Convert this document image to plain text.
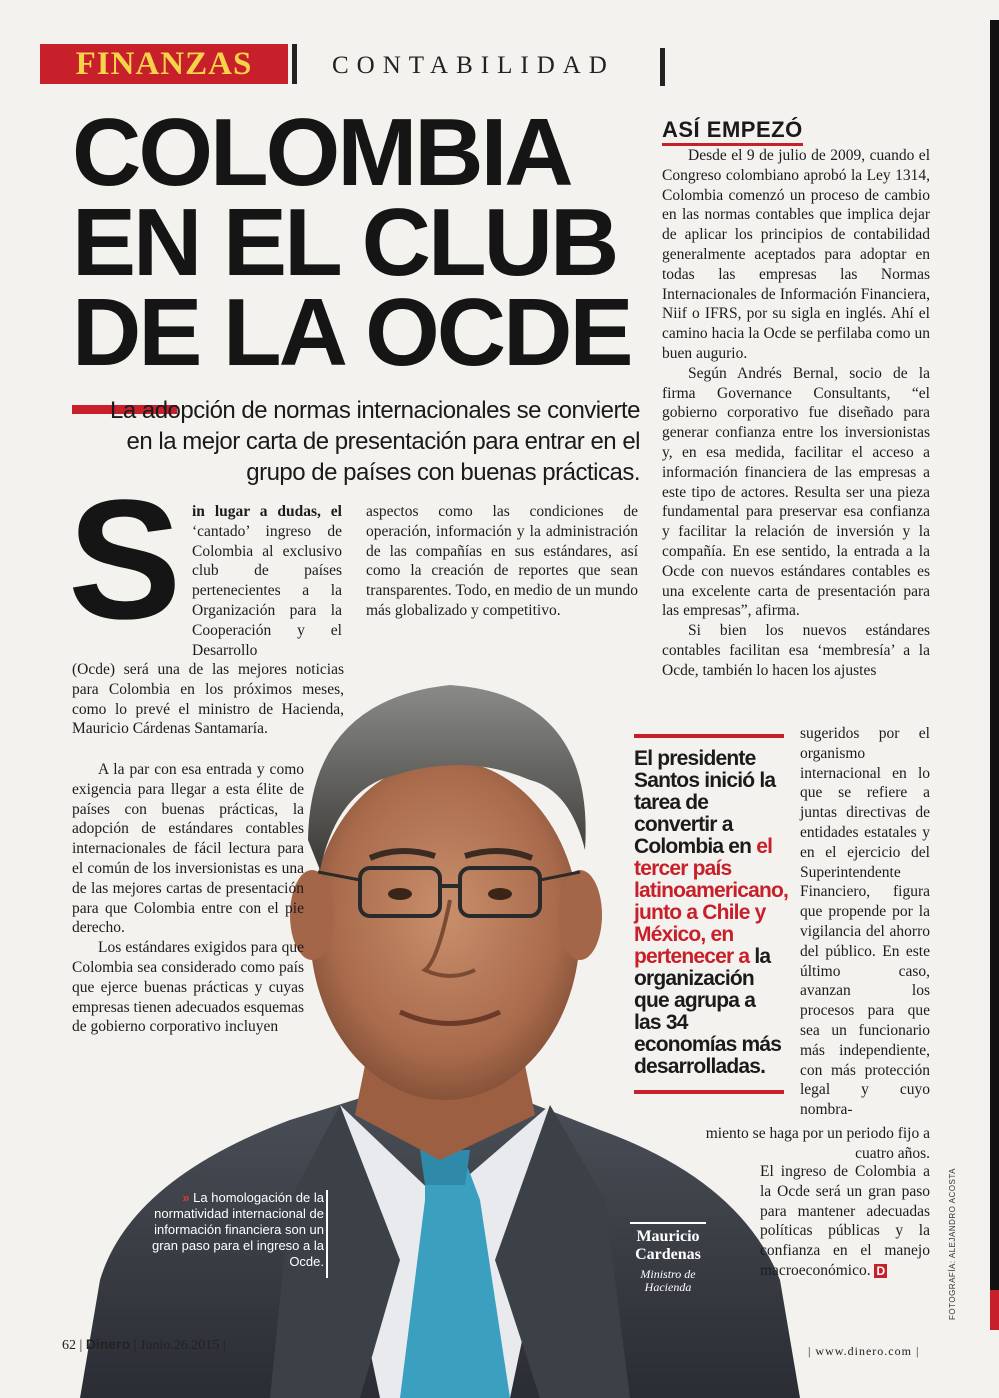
FINANZAS	CONTABILIDAD
COLOMBIA
EN EL CLUB
DE LA OCDE
La adopción de normas internacionales se convierte en la mejor carta de presentación para entrar en el grupo de países con buenas prácticas.
S in lugar a dudas, el ‘cantado’ ingreso de Colombia al exclusivo club de países pertenecientes a la Organización para la Cooperación y el Desarrollo
(Ocde) será una de las mejores noticias para Colombia en los próximos meses, como lo prevé el ministro de Hacienda, Mauricio Cárdenas Santamaría.

A la par con esa entrada y como exigencia para llegar a esta élite de países con buenas prácticas, la adopción de estándares contables internacionales de fácil lectura para el común de los inversionistas es una de las mejores cartas de presentación para que Colombia entre con el pie derecho.

Los estándares exigidos para que Colombia sea considerado como país que ejerce buenas prácticas y cuyas empresas tienen adecuados esquemas de gobierno corporativo incluyen

aspectos como las condiciones de operación, información y la administración de las compañías en sus estándares, así como la creación de reportes que sean transparentes. Todo, en medio de un mundo más globalizado y competitivo.

ASÍ EMPEZÓ

Desde el 9 de julio de 2009, cuando el Congreso colombiano aprobó la Ley 1314, Colombia comenzó un proceso de cambio en las normas contables que implica dejar de aplicar los principios de contabilidad generalmente aceptados para adoptar en todas las empresas las Normas Internacionales de Información Financiera, Niif o IFRS, por su sigla en inglés. Ahí el camino hacia la Ocde se perfilaba como un buen augurio.

Según Andrés Bernal, socio de la firma Governance Consultants, “el gobierno corporativo fue diseñado para generar confianza entre los inversionistas y, en esa medida, facilitar el acceso a información financiera de las empresas a este tipo de actores. Resulta ser una pieza fundamental para preservar esa confianza y facilitar la relación de inversión y la compañía. En ese sentido, la entrada a la Ocde con nuevos estándares contables es una excelente carta de presentación para las empresas”, afirma.

Si bien los nuevos estándares contables facilitan esa ‘membresía’ a la Ocde, también lo hacen los ajustes

sugeridos por el organismo internacional en lo que se refiere a juntas directivas de entidades estatales y en el ejercicio del Superintendente Financiero, figura que propende por la vigilancia del ahorro del público. En este último caso, avanzan los procesos para que sea un funcionario más independiente, con más protección legal y cuyo nombra-
miento se haga por un periodo fijo a cuatro años.
El ingreso de Colombia a la Ocde será un gran paso para mantener adecuadas políticas públicas y la confianza en el manejo macroeconómico. D
El presidente Santos inició la tarea de convertir a Colombia en el tercer país latinoamericano, junto a Chile y México, en pertenecer a la organización que agrupa a las 34 economías más desarrolladas.
» La homologación de la normatividad internacional de información financiera son un gran paso para el ingreso a la Ocde.
Mauricio Cardenas
Ministro de Hacienda	FOTOGRAFÍA: ALEJANDRO ACOSTA
62 | Dinero | Junio.26.2015 |	| www.dinero.com |
